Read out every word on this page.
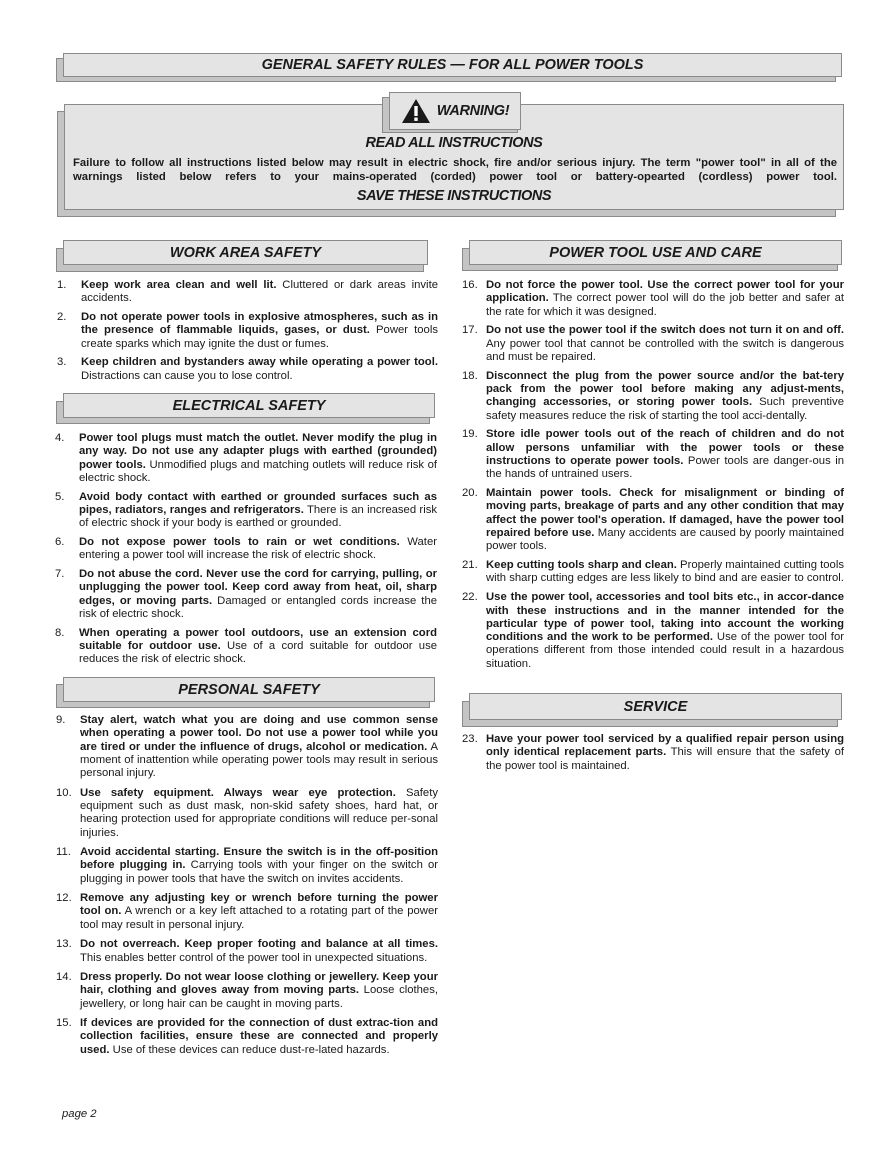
GENERAL SAFETY RULES — FOR ALL POWER TOOLS
READ ALL INSTRUCTIONS
Failure to follow all instructions listed below may result in electric shock, fire and/or serious injury. The term "power tool" in all of the warnings listed below refers to your mains-operated (corded) power tool or battery-opearted (cordless) power tool.
SAVE THESE INSTRUCTIONS
WARNING!
WORK AREA SAFETY
1. Keep work area clean and well lit. Cluttered or dark areas invite accidents.
2. Do not operate power tools in explosive atmospheres, such as in the presence of flammable liquids, gases, or dust. Power tools create sparks which may ignite the dust or fumes.
3. Keep children and bystanders away while operating a power tool. Distractions can cause you to lose control.
ELECTRICAL SAFETY
4. Power tool plugs must match the outlet. Never modify the plug in any way. Do not use any adapter plugs with earthed (grounded) power tools. Unmodified plugs and matching outlets will reduce risk of electric shock.
5. Avoid body contact with earthed or grounded surfaces such as pipes, radiators, ranges and refrigerators. There is an increased risk of electric shock if your body is earthed or grounded.
6. Do not expose power tools to rain or wet conditions. Water entering a power tool will increase the risk of electric shock.
7. Do not abuse the cord. Never use the cord for carrying, pulling, or unplugging the power tool. Keep cord away from heat, oil, sharp edges, or moving parts. Damaged or entangled cords increase the risk of electric shock.
8. When operating a power tool outdoors, use an extension cord suitable for outdoor use. Use of a cord suitable for outdoor use reduces the risk of electric shock.
PERSONAL SAFETY
9. Stay alert, watch what you are doing and use common sense when operating a power tool. Do not use a power tool while you are tired or under the influence of drugs, alcohol or medication. A moment of inattention while operating power tools may result in serious personal injury.
10. Use safety equipment. Always wear eye protection. Safety equipment such as dust mask, non-skid safety shoes, hard hat, or hearing protection used for appropriate conditions will reduce per-sonal injuries.
11. Avoid accidental starting. Ensure the switch is in the off-position before plugging in. Carrying tools with your finger on the switch or plugging in power tools that have the switch on invites accidents.
12. Remove any adjusting key or wrench before turning the power tool on. A wrench or a key left attached to a rotating part of the power tool may result in personal injury.
13. Do not overreach. Keep proper footing and balance at all times. This enables better control of the power tool in unexpected situations.
14. Dress properly. Do not wear loose clothing or jewellery. Keep your hair, clothing and gloves away from moving parts. Loose clothes, jewellery, or long hair can be caught in moving parts.
15. If devices are provided for the connection of dust extrac-tion and collection facilities, ensure these are connected and properly used. Use of these devices can reduce dust-re-lated hazards.
POWER TOOL USE AND CARE
16. Do not force the power tool. Use the correct power tool for your application. The correct power tool will do the job better and safer at the rate for which it was designed.
17. Do not use the power tool if the switch does not turn it on and off. Any power tool that cannot be controlled with the switch is dangerous and must be repaired.
18. Disconnect the plug from the power source and/or the bat-tery pack from the power tool before making any adjust-ments, changing accessories, or storing power tools. Such preventive safety measures reduce the risk of starting the tool acci-dentally.
19. Store idle power tools out of the reach of children and do not allow persons unfamiliar with the power tools or these instructions to operate power tools. Power tools are danger-ous in the hands of untrained users.
20. Maintain power tools. Check for misalignment or binding of moving parts, breakage of parts and any other condition that may affect the power tool's operation. If damaged, have the power tool repaired before use. Many accidents are caused by poorly maintained power tools.
21. Keep cutting tools sharp and clean. Properly maintained cutting tools with sharp cutting edges are less likely to bind and are easier to control.
22. Use the power tool, accessories and tool bits etc., in accor-dance with these instructions and in the manner intended for the particular type of power tool, taking into account the working conditions and the work to be performed. Use of the power tool for operations different from those intended could result in a hazardous situation.
SERVICE
23. Have your power tool serviced by a qualified repair person using only identical replacement parts. This will ensure that the safety of the power tool is maintained.
page 2
